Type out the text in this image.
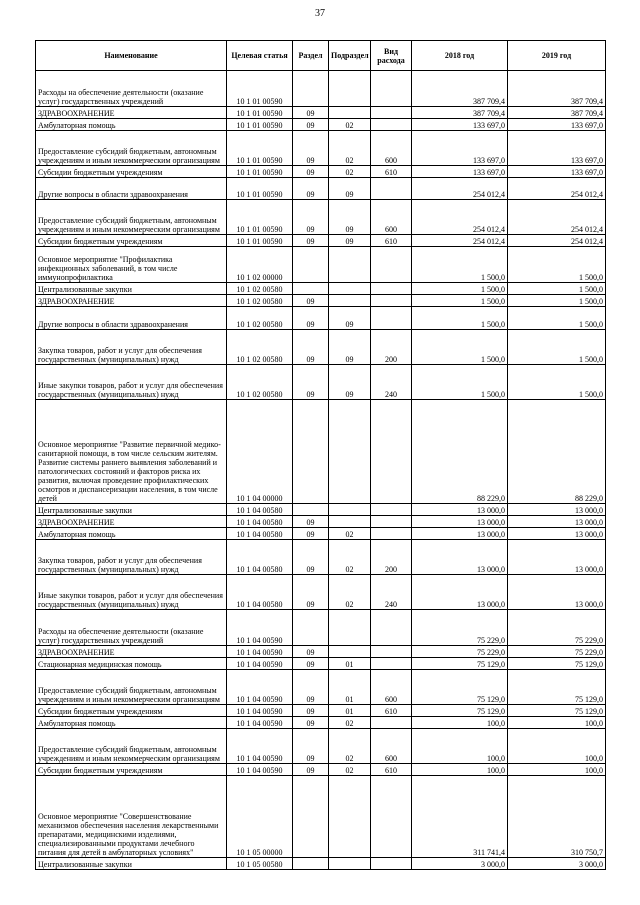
37
Наименование	Целевая статья	Раздел	Подраздел	Вид расхода	2018 год	2019 год
Расходы на обеспечение деятельности (оказание услуг) государственных учреждений	10 1 01 00590				387 709,4	387 709,4
ЗДРАВООХРАНЕНИЕ	10 1 01 00590	09			387 709,4	387 709,4
Амбулаторная помощь	10 1 01 00590	09	02		133 697,0	133 697,0
Предоставление субсидий бюджетным, автономным учреждениям и иным некоммерческим организациям	10 1 01 00590	09	02	600	133 697,0	133 697,0
Субсидии бюджетным учреждениям	10 1 01 00590	09	02	610	133 697,0	133 697,0
Другие вопросы в области здравоохранения	10 1 01 00590	09	09		254 012,4	254 012,4
Предоставление субсидий бюджетным, автономным учреждениям и иным некоммерческим организациям	10 1 01 00590	09	09	600	254 012,4	254 012,4
Субсидии бюджетным учреждениям	10 1 01 00590	09	09	610	254 012,4	254 012,4
Основное мероприятие "Профилактика инфекционных заболеваний, в том числе иммунопрофилактика	10 1 02 00000				1 500,0	1 500,0
Централизованные закупки	10 1 02 00580				1 500,0	1 500,0
ЗДРАВООХРАНЕНИЕ	10 1 02 00580	09			1 500,0	1 500,0
Другие вопросы в области здравоохранения	10 1 02 00580	09	09		1 500,0	1 500,0
Закупка товаров, работ и услуг для обеспечения государственных (муниципальных) нужд	10 1 02 00580	09	09	200	1 500,0	1 500,0
Иные закупки товаров, работ и услуг для обеспечения государственных (муниципальных) нужд	10 1 02 00580	09	09	240	1 500,0	1 500,0
Основное мероприятие "Развитие первичной медико-санитарной помощи, в том числе сельским жителям. Развитие системы раннего выявления заболеваний и патологических состояний и факторов риска их развития, включая проведение профилактических осмотров и диспансеризации населения, в том числе детей	10 1 04 00000				88 229,0	88 229,0
Централизованные закупки	10 1 04 00580				13 000,0	13 000,0
ЗДРАВООХРАНЕНИЕ	10 1 04 00580	09			13 000,0	13 000,0
Амбулаторная помощь	10 1 04 00580	09	02		13 000,0	13 000,0
Закупка товаров, работ и услуг для обеспечения государственных (муниципальных) нужд	10 1 04 00580	09	02	200	13 000,0	13 000,0
Иные закупки товаров, работ и услуг для обеспечения государственных (муниципальных) нужд	10 1 04 00580	09	02	240	13 000,0	13 000,0
Расходы на обеспечение деятельности (оказание услуг) государственных учреждений	10 1 04 00590				75 229,0	75 229,0
ЗДРАВООХРАНЕНИЕ	10 1 04 00590	09			75 229,0	75 229,0
Стационарная медицинская помощь	10 1 04 00590	09	01		75 129,0	75 129,0
Предоставление субсидий бюджетным, автономным учреждениям и иным некоммерческим организациям	10 1 04 00590	09	01	600	75 129,0	75 129,0
Субсидии бюджетным учреждениям	10 1 04 00590	09	01	610	75 129,0	75 129,0
Амбулаторная помощь	10 1 04 00590	09	02		100,0	100,0
Предоставление субсидий бюджетным, автономным учреждениям и иным некоммерческим организациям	10 1 04 00590	09	02	600	100,0	100,0
Субсидии бюджетным учреждениям	10 1 04 00590	09	02	610	100,0	100,0
Основное мероприятие "Совершенствование механизмов обеспечения населения лекарственными препаратами, медицинскими изделиями, специализированными продуктами лечебного питания для детей в амбулаторных условиях"	10 1 05 00000				311 741,4	310 750,7
Централизованные закупки	10 1 05 00580				3 000,0	3 000,0
